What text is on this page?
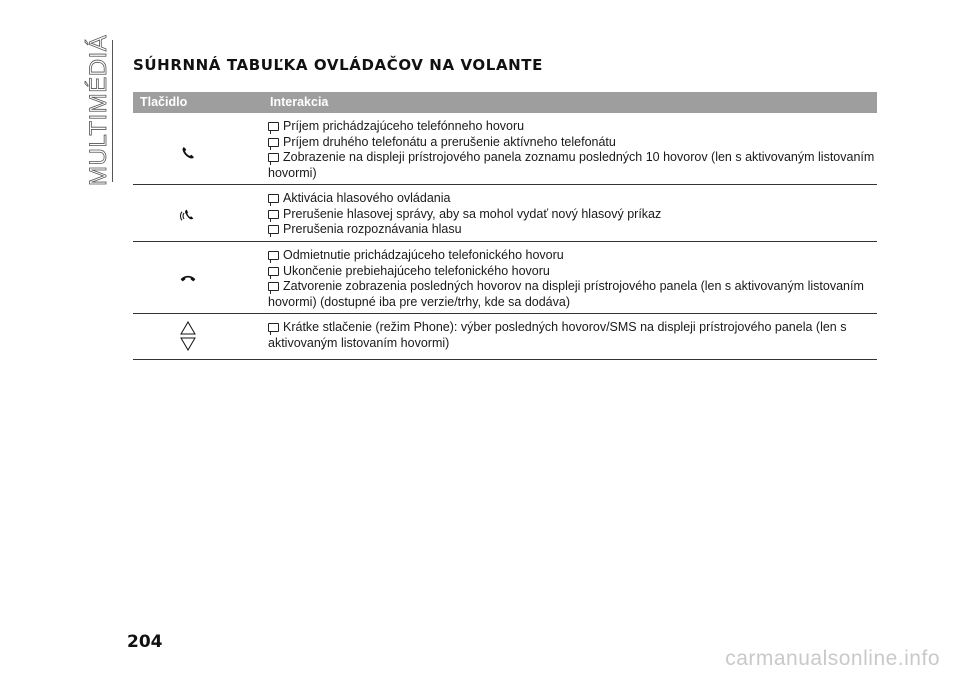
MULTIMÉDIÁ SÚHRNNÁ TABUĽKA OVLÁDAČOV NA VOLANTE
Tlačidlo	Interakcia
Príjem prichádzajúceho telefónneho hovoru
Príjem druhého telefonátu a prerušenie aktívneho telefonátu
Zobrazenie na displeji prístrojového panela zoznamu posledných 10 hovorov (len s aktivovaným listovaním hovormi)
Aktivácia hlasového ovládania
Prerušenie hlasovej správy, aby sa mohol vydať nový hlasový príkaz
Prerušenia rozpoznávania hlasu
Odmietnutie prichádzajúceho telefonického hovoru
Ukončenie prebiehajúceho telefonického hovoru
Zatvorenie zobrazenia posledných hovorov na displeji prístrojového panela (len s aktivovaným listovaním hovormi) (dostupné iba pre verzie/trhy, kde sa dodáva)
Krátke stlačenie (režim Phone): výber posledných hovorov/SMS na displeji prístrojového panela (len s aktivovaným listovaním hovormi)
204
carmanualsonline.info
